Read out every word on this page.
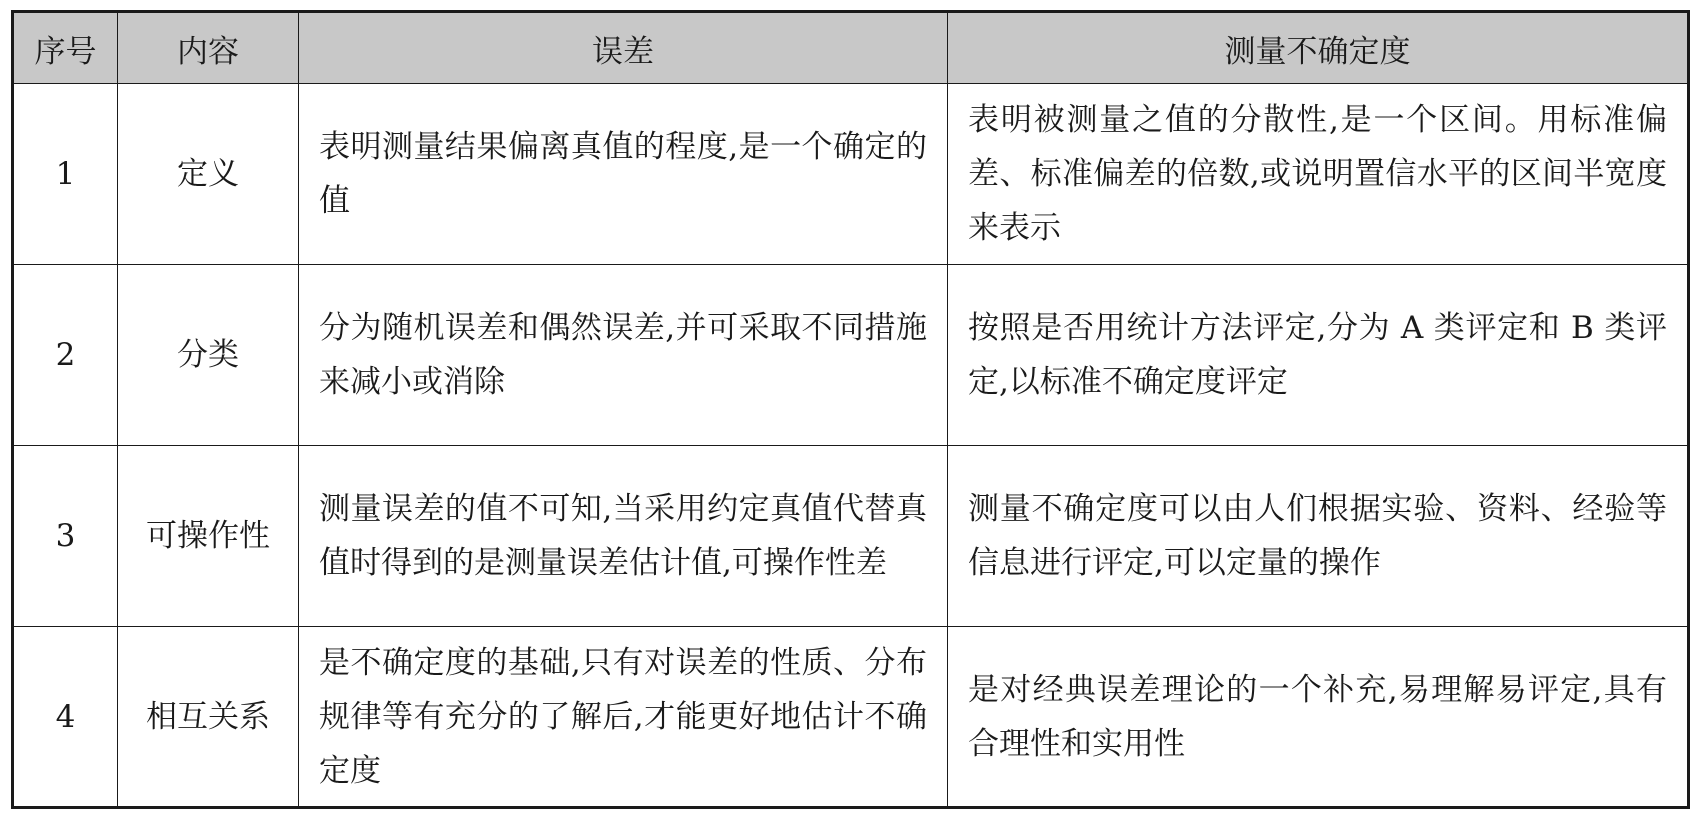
序号	内容	误差	测量不确定度
1	定义	表明测量结果偏离真值的程度,是一个确定的值	表明被测量之值的分散性,是一个区间。用标准偏差、标准偏差的倍数,或说明置信水平的区间半宽度来表示
2	分类	分为随机误差和偶然误差,并可采取不同措施来减小或消除	按照是否用统计方法评定,分为 A 类评定和 B 类评定,以标准不确定度评定
3	可操作性	测量误差的值不可知,当采用约定真值代替真值时得到的是测量误差估计值,可操作性差	测量不确定度可以由人们根据实验、资料、经验等信息进行评定,可以定量的操作
4	相互关系	是不确定度的基础,只有对误差的性质、分布规律等有充分的了解后,才能更好地估计不确定度	是对经典误差理论的一个补充,易理解易评定,具有合理性和实用性
